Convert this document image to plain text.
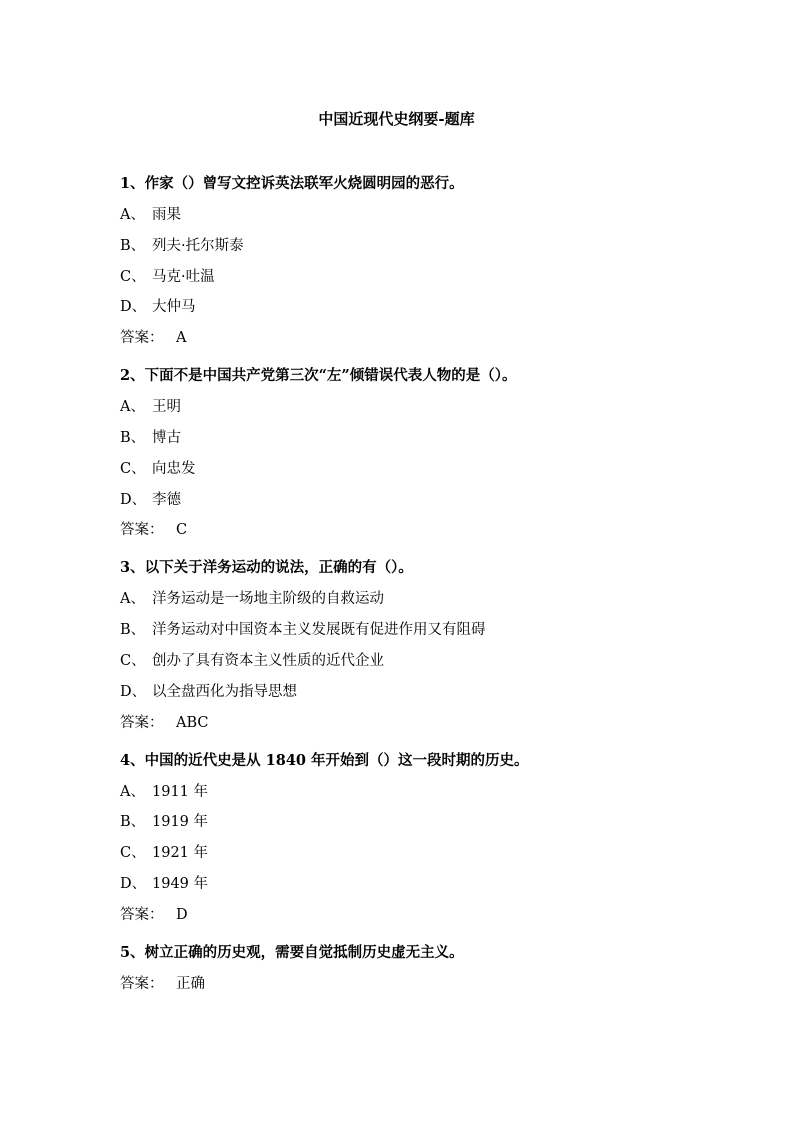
中国近现代史纲要-题库
1、作家（）曾写文控诉英法联军火烧圆明园的恶行。
A、 雨果
B、 列夫·托尔斯泰
C、 马克·吐温
D、 大仲马
答案： A
2、下面不是中国共产党第三次“左”倾错误代表人物的是（）。
A、 王明
B、 博古
C、 向忠发
D、 李德
答案： C
3、以下关于洋务运动的说法，正确的有（）。
A、 洋务运动是一场地主阶级的自救运动
B、 洋务运动对中国资本主义发展既有促进作用又有阻碍
C、 创办了具有资本主义性质的近代企业
D、 以全盘西化为指导思想
答案： ABC
4、中国的近代史是从 1840 年开始到（）这一段时期的历史。
A、 1911 年
B、 1919 年
C、 1921 年
D、 1949 年
答案： D
5、树立正确的历史观，需要自觉抵制历史虚无主义。
答案： 正确
